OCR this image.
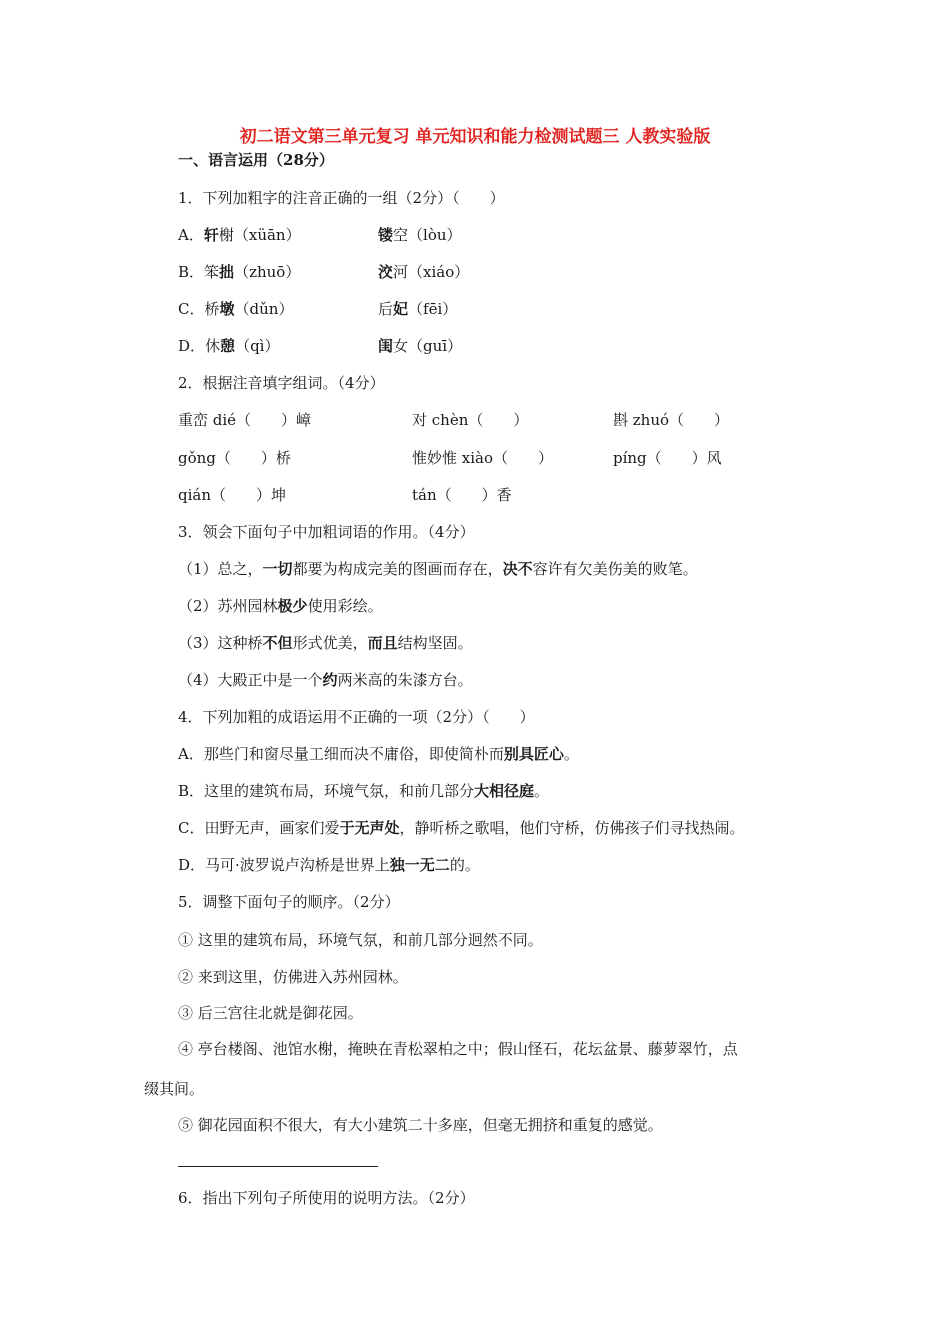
初二语文第三单元复习 单元知识和能力检测试题三 人教实验版
一、语言运用（28分）
1．下列加粗字的注音正确的一组（2分）（　　）
A．轩榭（xüān）	镂空（lòu）
B．笨拙（zhuō）	洨河（xiáo）
C．桥墩（dǔn）	后妃（fēi）
D．休憩（qì）	闺女（guī）
2．根据注音填字组词。（4分）
重峦 dié（　　）嶂	对 chèn（　　）	斟 zhuó（　　）
gǒng（　　）桥	惟妙惟 xiào（　　）	píng（　　）风
qián（　　）坤	tán（　　）香
3．领会下面句子中加粗词语的作用。（4分）
（1）总之，一切都要为构成完美的图画而存在，决不容许有欠美伤美的败笔。
（2）苏州园林极少使用彩绘。
（3）这种桥不但形式优美，而且结构坚固。
（4）大殿正中是一个约两米高的朱漆方台。
4．下列加粗的成语运用不正确的一项（2分）（　　）
A．那些门和窗尽量工细而决不庸俗，即使简朴而别具匠心。
B．这里的建筑布局，环境气氛，和前几部分大相径庭。
C．田野无声，画家们爱于无声处，静听桥之歌唱，他们守桥，仿佛孩子们寻找热闹。
D．马可·波罗说卢沟桥是世界上独一无二的。
5．调整下面句子的顺序。（2分）
① 这里的建筑布局，环境气氛，和前几部分迥然不同。
② 来到这里，仿佛进入苏州园林。
③ 后三宫往北就是御花园。
④ 亭台楼阁、池馆水榭，掩映在青松翠柏之中；假山怪石，花坛盆景、藤萝翠竹，点
缀其间。
⑤ 御花园面积不很大，有大小建筑二十多座，但毫无拥挤和重复的感觉。
6．指出下列句子所使用的说明方法。（2分）
